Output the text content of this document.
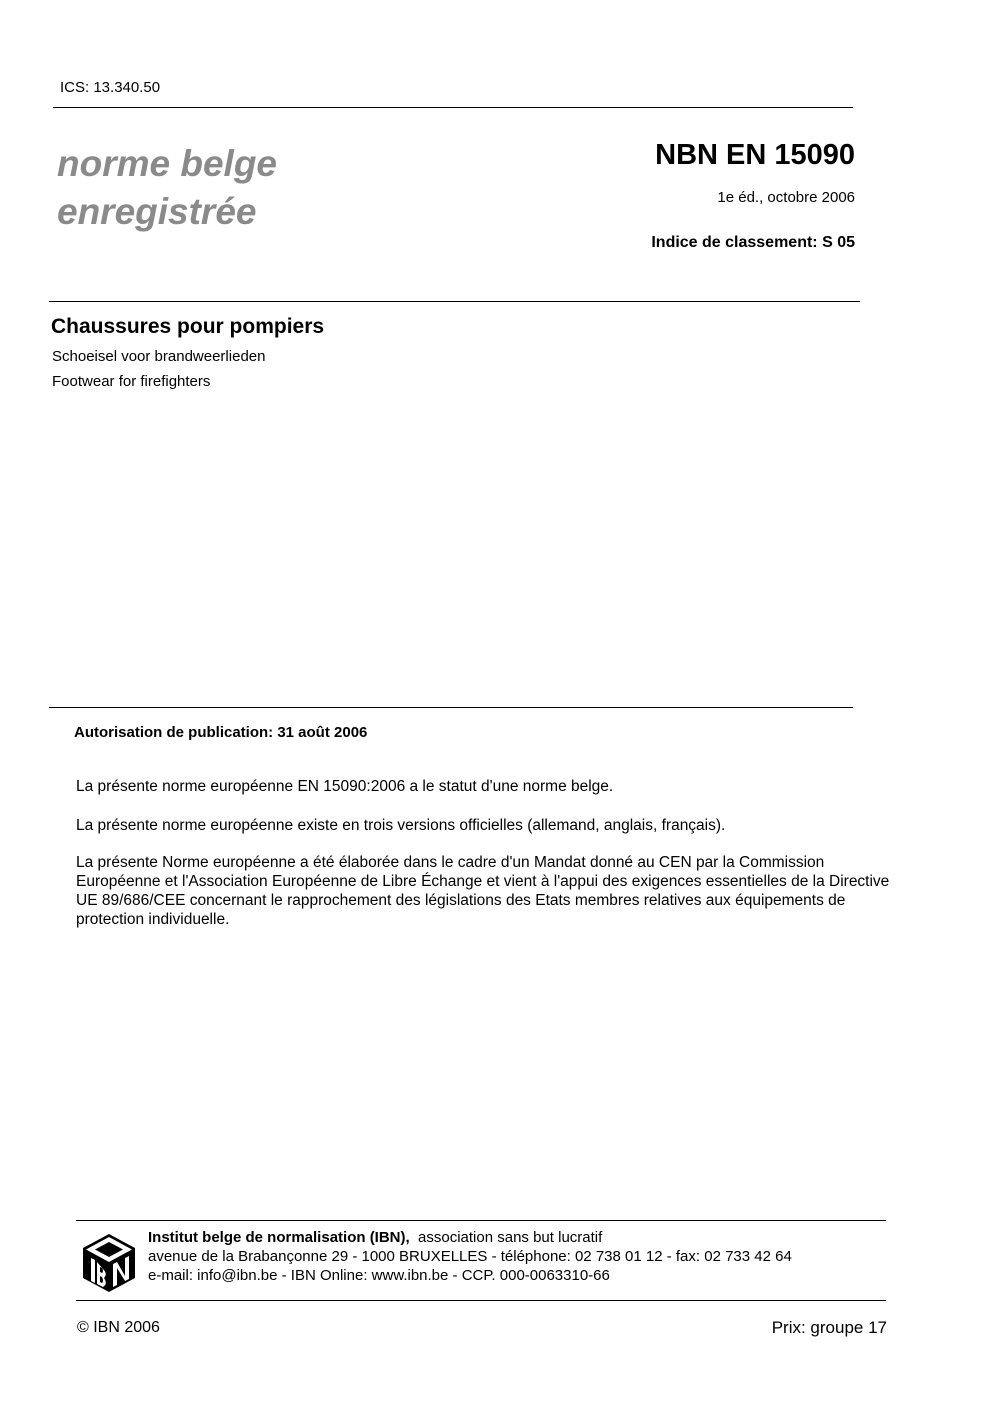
ICS: 13.340.50
norme belge
enregistrée
NBN EN 15090
1e éd., octobre 2006
Indice de classement: S 05
Chaussures pour pompiers
Schoeisel voor brandweerlieden
Footwear for firefighters
Autorisation de publication: 31 août 2006
La présente norme européenne EN 15090:2006 a le statut d'une norme belge.
La présente norme européenne existe en trois versions officielles (allemand, anglais, français).
La présente Norme européenne a été élaborée dans le cadre d'un Mandat donné au CEN par la Commission Européenne et l'Association Européenne de Libre Échange et vient à l'appui des exigences essentielles de la Directive UE 89/686/CEE concernant le rapprochement des législations des Etats membres relatives aux équipements de protection individuelle.
Institut belge de normalisation (IBN), association sans but lucratif
avenue de la Brabançonne 29 - 1000 BRUXELLES - téléphone: 02 738 01 12 - fax: 02 733 42 64
e-mail: info@ibn.be - IBN Online: www.ibn.be - CCP. 000-0063310-66
© IBN 2006	Prix: groupe 17
